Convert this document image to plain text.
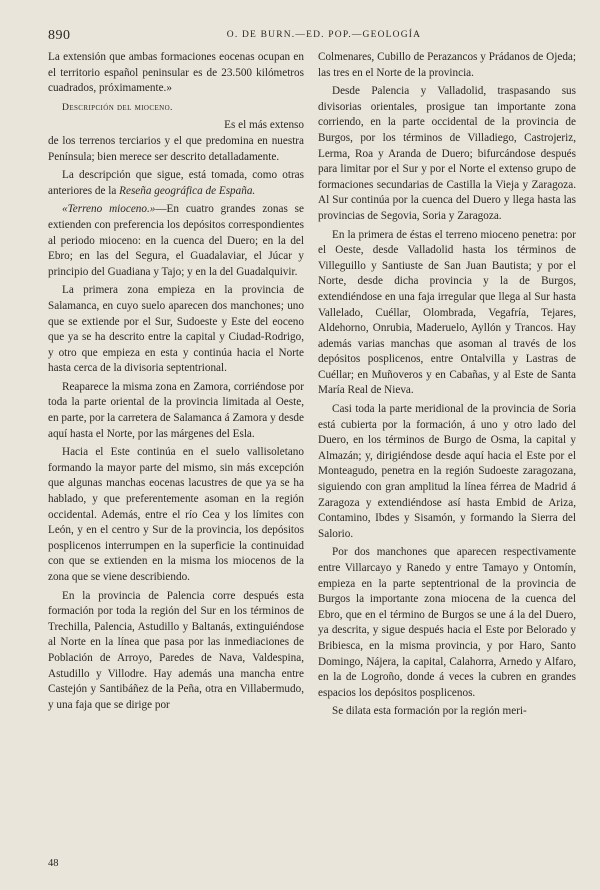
890	O. DE BURN.—ED. POP.—GEOLOGÍA

La extensión que ambas formaciones eocenas ocupan en el territorio español peninsular es de 23.500 kilómetros cuadrados, próximamente.»

Descripción del mioceno.

Es el más extenso
de los terrenos terciarios y el que predomina en nuestra Península; bien merece ser descrito detalladamente.

La descripción que sigue, está tomada, como otras anteriores de la Reseña geográfica de España.

«Terreno mioceno.»—En cuatro grandes zonas se extienden con preferencia los depósitos correspondientes al periodo mioceno: en la cuenca del Duero; en la del Ebro; en las del Segura, el Guadalaviar, el Júcar y principio del Guadiana y Tajo; y en la del Guadalquivir.

La primera zona empieza en la provincia de Salamanca, en cuyo suelo aparecen dos manchones; uno que se extiende por el Sur, Sudoeste y Este del eoceno que ya se ha descrito entre la capital y Ciudad-Rodrigo, y otro que empieza en esta y continúa hacia el Norte hasta cerca de la divisoria septentrional.

Reaparece la misma zona en Zamora, corriéndose por toda la parte oriental de la provincia limitada al Oeste, en parte, por la carretera de Salamanca á Zamora y desde aquí hasta el Norte, por las márgenes del Esla.

Hacia el Este continúa en el suelo vallisoletano formando la mayor parte del mismo, sin más excepción que algunas manchas eocenas lacustres de que ya se ha hablado, y que preferentemente asoman en la región occidental. Además, entre el río Cea y los límites con León, y en el centro y Sur de la provincia, los depósitos posplicenos interrumpen en la superficie la continuidad con que se extienden en la misma los miocenos de la zona que se viene describiendo.

En la provincia de Palencia corre después esta formación por toda la región del Sur en los términos de Trechilla, Palencia, Astudillo y Baltanás, extinguiéndose al Norte en la línea que pasa por las inmediaciones de Población de Arroyo, Paredes de Nava, Valdespina, Astudillo y Villodre. Hay además una mancha entre Castejón y Santibáñez de la Peña, otra en Villabermudo, y una faja que se dirige por

Colmenares, Cubillo de Perazancos y Prádanos de Ojeda; las tres en el Norte de la provincia.

Desde Palencia y Valladolid, traspasando sus divisorias orientales, prosigue tan importante zona corriendo, en la parte occidental de la provincia de Burgos, por los términos de Villadiego, Castrojeriz, Lerma, Roa y Aranda de Duero; bifurcándose después para limitar por el Sur y por el Norte el extenso grupo de formaciones secundarias de Castilla la Vieja y Zaragoza. Al Sur continúa por la cuenca del Duero y llega hasta las provincias de Segovia, Soria y Zaragoza.

En la primera de éstas el terreno mioceno penetra: por el Oeste, desde Valladolid hasta los términos de Villeguillo y Santiuste de San Juan Bautista; y por el Norte, desde dicha provincia y la de Burgos, extendiéndose en una faja irregular que llega al Sur hasta Vallelado, Cuéllar, Olombrada, Vegafría, Tejares, Aldehorno, Onrubia, Maderuelo, Ayllón y Trancos. Hay además varias manchas que asoman al través de los depósitos posplicenos, entre Ontalvilla y Lastras de Cuéllar; en Muñoveros y en Cabañas, y al Este de Santa María Real de Nieva.

Casi toda la parte meridional de la provincia de Soria está cubierta por la formación, á uno y otro lado del Duero, en los términos de Burgo de Osma, la capital y Almazán; y, dirigiéndose desde aquí hacia el Este por el Monteagudo, penetra en la región Sudoeste zaragozana, siguiendo con gran amplitud la línea férrea de Madrid á Zaragoza y extendiéndose así hasta Embid de Ariza, Contamino, Ibdes y Sisamón, y formando la Sierra del Salorio.

Por dos manchones que aparecen respectivamente entre Villarcayo y Ranedo y entre Tamayo y Ontomín, empieza en la parte septentrional de la provincia de Burgos la importante zona miocena de la cuenca del Ebro, que en el término de Burgos se une á la del Duero, ya descrita, y sigue después hacia el Este por Belorado y Bribiesca, en la misma provincia, y por Haro, Santo Domingo, Nájera, la capital, Calahorra, Arnedo y Alfaro, en la de Logroño, donde á veces la cubren en grandes espacios los depósitos posplicenos.

Se dilata esta formación por la región meri-

48
